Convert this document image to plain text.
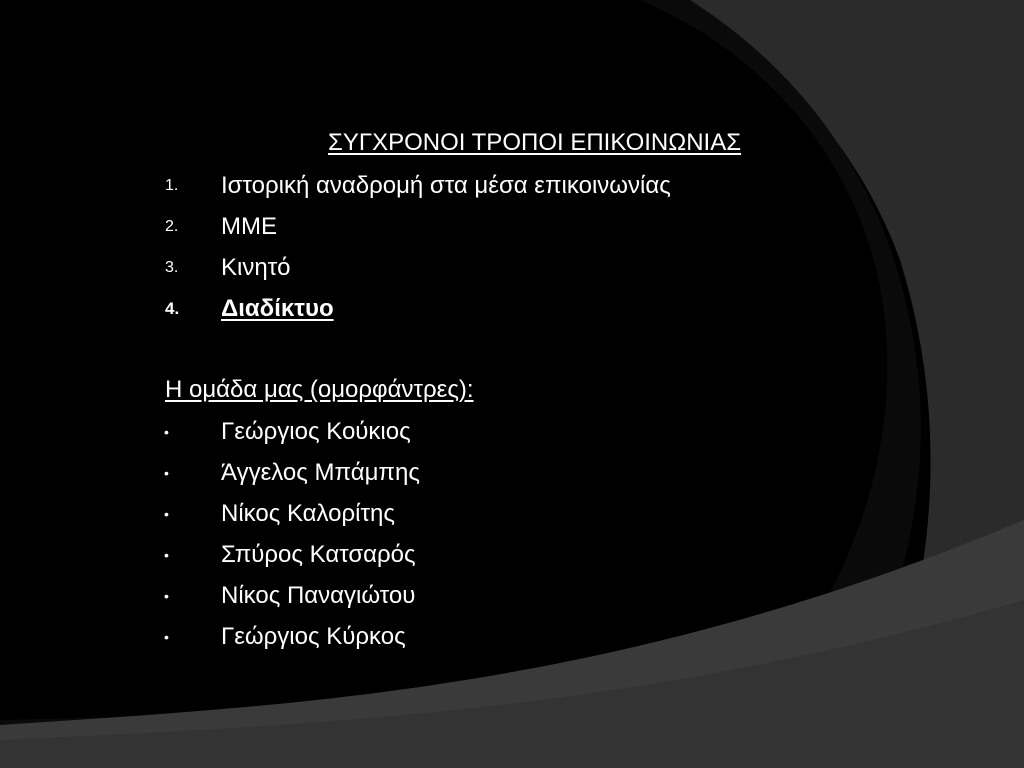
ΣΥΓΧΡΟΝΟΙ ΤΡΟΠΟΙ ΕΠΙΚΟΙΝΩΝΙΑΣ
1. Ιστορική αναδρομή στα μέσα επικοινωνίας
2. ΜΜΕ
3. Κινητό
4. Διαδίκτυο
Η ομάδα μας (ομορφάντρες):
• Γεώργιος Κούκιος
• Άγγελος Μπάμπης
• Νίκος Καλορίτης
• Σπύρος Κατσαρός
• Νίκος Παναγιώτου
• Γεώργιος Κύρκος
